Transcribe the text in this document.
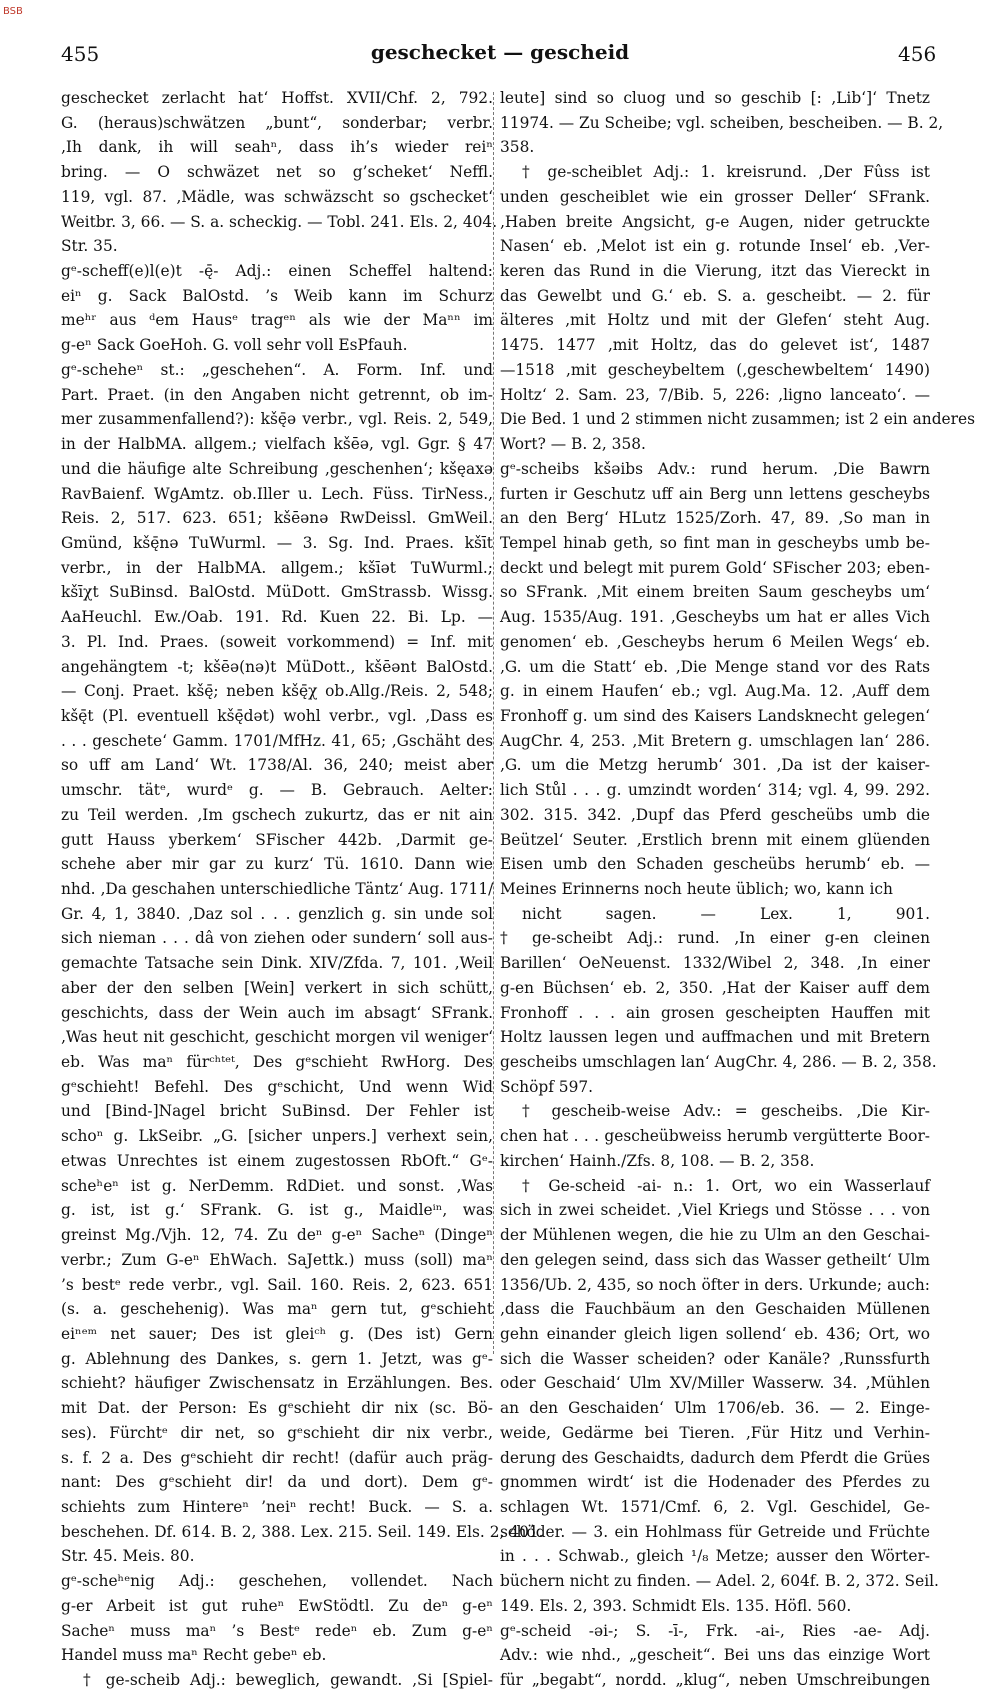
BSB
455	geschecket — gescheid	456
geschecket zerlacht hat‘ Hoffst. XVII/Chf. 2, 792.
G. (heraus)schwätzen „bunt“, sonderbar; verbr.
‚Ih dank, ih will seahⁿ, dass ih’s wieder reiⁿ
bring. — O schwäzet net so g’scheket‘ Neffl.
119, vgl. 87. ‚Mädle, was schwäzscht so gschecket‘
Weitbr. 3, 66. — S. a. scheckig. — Tobl. 241. Els. 2, 404.
Str. 35.
gᵉ-scheff(e)l(e)t -ę̄- Adj.: einen Scheffel haltend:
eiⁿ g. Sack BalOstd. ’s Weib kann im Schurz
meʰʳ aus ᵈem Hausᵉ tragᵉⁿ als wie der Maⁿⁿ im
g-eⁿ Sack GoeHoh. G. voll sehr voll EsPfauh.
gᵉ-scheheⁿ st.: „geschehen“. A. Form. Inf. und
Part. Praet. (in den Angaben nicht getrennt, ob im-
mer zusammenfallend?): kšę̄ə verbr., vgl. Reis. 2, 549,
in der HalbMA. allgem.; vielfach kšēə, vgl. Ggr. § 47
und die häufige alte Schreibung ‚geschenhen‘; kšęaxə
RavBaienf. WgAmtz. ob.Iller u. Lech. Füss. TirNess.,
Reis. 2, 517. 623. 651; kšēənə RwDeissl. GmWeil.
Gmünd, kšę̄nə TuWurml. — 3. Sg. Ind. Praes. kšīt
verbr., in der HalbMA. allgem.; kšīət TuWurml.;
kšīχt SuBinsd. BalOstd. MüDott. GmStrassb. Wissg.
AaHeuchl. Ew./Oab. 191. Rd. Kuen 22. Bi. Lp. —
3. Pl. Ind. Praes. (soweit vorkommend) = Inf. mit
angehängtem -t; kšēə(nə)t MüDott., kšēənt BalOstd.
— Conj. Praet. kšę̄; neben kšę̄χ ob.Allg./Reis. 2, 548;
kšę̄t (Pl. eventuell kšę̄dət) wohl verbr., vgl. ‚Dass es
. . . geschete‘ Gamm. 1701/MfHz. 41, 65; ‚Gschäht des
so uff am Land‘ Wt. 1738/Al. 36, 240; meist aber
umschr. tätᵉ, wurdᵉ g. — B. Gebrauch. Aelter:
zu Teil werden. ‚Im gschech zukurtz, das er nit ain
gutt Hauss yberkem‘ SFischer 442b. ‚Darmit ge-
schehe aber mir gar zu kurz‘ Tü. 1610. Dann wie
nhd. ‚Da geschahen unterschiedliche Täntz‘ Aug. 1711/
Gr. 4, 1, 3840. ‚Daz sol . . . genzlich g. sin unde sol
sich nieman . . . dâ von ziehen oder sundern‘ soll aus-
gemachte Tatsache sein Dink. XIV/Zfda. 7, 101. ‚Weil
aber der den selben [Wein] verkert in sich schütt,
geschichts, dass der Wein auch im absagt‘ SFrank.
‚Was heut nit geschicht, geschicht morgen vil weniger‘
eb. Was maⁿ fürᶜʰᵗᵉᵗ, Des gᵉschieht RwHorg. Des
gᵉschieht! Befehl. Des gᵉschicht, Und wenn Wid
und [Bind-]Nagel bricht SuBinsd. Der Fehler ist
schoⁿ g. LkSeibr. „G. [sicher unpers.] verhext sein,
etwas Unrechtes ist einem zugestossen RbOft.“ Gᵉ-
scheʰeⁿ ist g. NerDemm. RdDiet. und sonst. ‚Was
g. ist, ist g.‘ SFrank. G. ist g., Maidleⁱⁿ, was
greinst Mg./Vjh. 12, 74. Zu deⁿ g-eⁿ Sacheⁿ (Dingeⁿ
verbr.; Zum G-eⁿ EhWach. SaJettk.) muss (soll) maⁿ
’s bestᵉ rede verbr., vgl. Sail. 160. Reis. 2, 623. 651
(s. a. geschehenig). Was maⁿ gern tut, gᵉschieht
eiⁿᵉᵐ net sauer; Des ist gleiᶜʰ g. (Des ist) Gern
g. Ablehnung des Dankes, s. gern 1. Jetzt, was gᵉ-
schieht? häufiger Zwischensatz in Erzählungen. Bes.
mit Dat. der Person: Es gᵉschieht dir nix (sc. Bö-
ses). Fürchtᵉ dir net, so gᵉschieht dir nix verbr.,
s. f. 2 a. Des gᵉschieht dir recht! (dafür auch präg-
nant: Des gᵉschieht dir! da und dort). Dem gᵉ-
schiehts zum Hintereⁿ ’neiⁿ recht! Buck. — S. a.
beschehen. Df. 614. B. 2, 388. Lex. 215. Seil. 149. Els. 2, 401.
Str. 45. Meis. 80.
gᵉ-scheʰᵉnig Adj.: geschehen, vollendet. Nach
g-er Arbeit ist gut ruheⁿ EwStödtl. Zu deⁿ g-eⁿ
Sacheⁿ muss maⁿ ’s Bestᵉ redeⁿ eb. Zum g-eⁿ
Handel muss maⁿ Recht gebeⁿ eb.
† ge-scheib Adj.: beweglich, gewandt. ‚Si [Spiel-
leute] sind so cluog und so geschib [: ‚Lib‘]‘ Tnetz
11974. — Zu Scheibe; vgl. scheiben, bescheiben. — B. 2,
358.
† ge-scheiblet Adj.: 1. kreisrund. ‚Der Fûss ist
unden gescheiblet wie ein grosser Deller‘ SFrank.
‚Haben breite Angsicht, g-e Augen, nider getruckte
Nasen‘ eb. ‚Melot ist ein g. rotunde Insel‘ eb. ‚Ver-
keren das Rund in die Vierung, itzt das Viereckt in
das Gewelbt und G.‘ eb. S. a. gescheibt. — 2. für
älteres ‚mit Holtz und mit der Glefen‘ steht Aug.
1475. 1477 ‚mit Holtz, das do gelevet ist‘, 1487
—1518 ‚mit gescheybeltem (‚geschewbeltem‘ 1490)
Holtz‘ 2. Sam. 23, 7/Bib. 5, 226: ‚ligno lanceato‘. —
Die Bed. 1 und 2 stimmen nicht zusammen; ist 2 ein anderes
Wort? — B. 2, 358.
gᵉ-scheibs kšəibs Adv.: rund herum. ‚Die Bawrn
furten ir Geschutz uff ain Berg unn lettens gescheybs
an den Berg‘ HLutz 1525/Zorh. 47, 89. ‚So man in
Tempel hinab geth, so fint man in gescheybs umb be-
deckt und belegt mit purem Gold‘ SFischer 203; eben-
so SFrank. ‚Mit einem breiten Saum gescheybs um‘
Aug. 1535/Aug. 191. ‚Gescheybs um hat er alles Vich
genomen‘ eb. ‚Gescheybs herum 6 Meilen Wegs‘ eb.
‚G. um die Statt‘ eb. ‚Die Menge stand vor des Rats
g. in einem Haufen‘ eb.; vgl. Aug.Ma. 12. ‚Auff dem
Fronhoff g. um sind des Kaisers Landsknecht gelegen‘
AugChr. 4, 253. ‚Mit Bretern g. umschlagen lan‘ 286.
‚G. um die Metzg herumb‘ 301. ‚Da ist der kaiser-
lich Stůl . . . g. umzindt worden‘ 314; vgl. 4, 99. 292.
302. 315. 342. ‚Dupf das Pferd gescheübs umb die
Beützel‘ Seuter. ‚Erstlich brenn mit einem glüenden
Eisen umb den Schaden gescheübs herumb‘ eb. —
Meines Erinnerns noch heute üblich; wo, kann ich
nicht sagen. — Lex. 1, 901.
† ge-scheibt Adj.: rund. ‚In einer g-en cleinen
Barillen‘ OeNeuenst. 1332/Wibel 2, 348. ‚In einer
g-en Büchsen‘ eb. 2, 350. ‚Hat der Kaiser auff dem
Fronhoff . . . ain grosen gescheipten Hauffen mit
Holtz laussen legen und auffmachen und mit Bretern
gescheibs umschlagen lan‘ AugChr. 4, 286. — B. 2, 358.
Schöpf 597.
† gescheib-weise Adv.: = gescheibs. ‚Die Kir-
chen hat . . . gescheübweiss herumb vergütterte Boor-
kirchen‘ Hainh./Zfs. 8, 108. — B. 2, 358.
† Ge-scheid -ai- n.: 1. Ort, wo ein Wasserlauf
sich in zwei scheidet. ‚Viel Kriegs und Stösse . . . von
der Mühlenen wegen, die hie zu Ulm an den Geschai-
den gelegen seind, dass sich das Wasser getheilt‘ Ulm
1356/Ub. 2, 435, so noch öfter in ders. Urkunde; auch:
‚dass die Fauchbäum an den Geschaiden Müllenen
gehn einander gleich ligen sollend‘ eb. 436; Ort, wo
sich die Wasser scheiden? oder Kanäle? ‚Runssfurth
oder Geschaid‘ Ulm XV/Miller Wasserw. 34. ‚Mühlen
an den Geschaiden‘ Ulm 1706/eb. 36. — 2. Einge-
weide, Gedärme bei Tieren. ‚Für Hitz und Verhin-
derung des Geschaidts, dadurch dem Pferdt die Grües
gnommen wirdt‘ ist die Hodenader des Pferdes zu
schlagen Wt. 1571/Cmf. 6, 2. Vgl. Geschidel, Ge-
schöder. — 3. ein Hohlmass für Getreide und Früchte
in . . . Schwab., gleich ¹/₈ Metze; ausser den Wörter-
büchern nicht zu finden. — Adel. 2, 604f. B. 2, 372. Seil.
149. Els. 2, 393. Schmidt Els. 135. Höfl. 560.
gᵉ-scheid -əi-; S. -ī-, Frk. -ai-, Ries -ae- Adj.
Adv.: wie nhd., „gescheit“. Bei uns das einzige Wort
für „begabt“, nordd. „klug“, neben Umschreibungen
